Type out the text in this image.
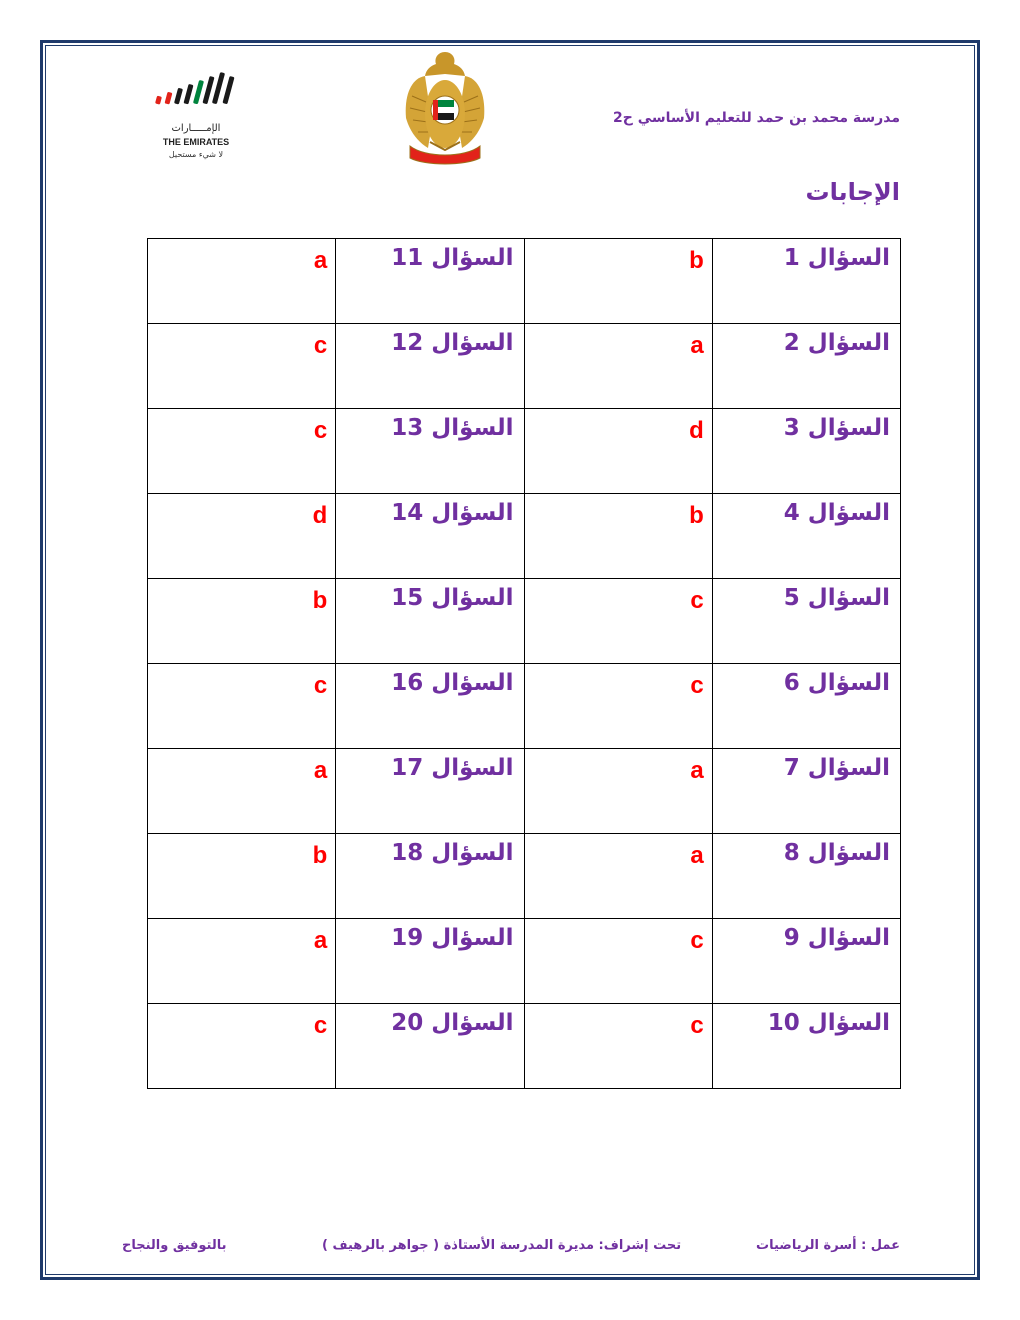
الإمـــــارات
THE EMIRATES
لا شيء مستحيل
مدرسة محمد بن حمد للتعليم الأساسي ح2
الإجابات
a	السؤال 11	b	السؤال 1
c	السؤال 12	a	السؤال 2
c	السؤال 13	d	السؤال 3
d	السؤال 14	b	السؤال 4
b	السؤال 15	c	السؤال 5
c	السؤال 16	c	السؤال 6
a	السؤال 17	a	السؤال 7
b	السؤال 18	a	السؤال 8
a	السؤال 19	c	السؤال 9
c	السؤال 20	c	السؤال 10
عمل : أسرة الرياضيات
تحت إشراف: مديرة المدرسة الأستاذة ( جواهر بالرهيف )
بالتوفيق والنجاح
